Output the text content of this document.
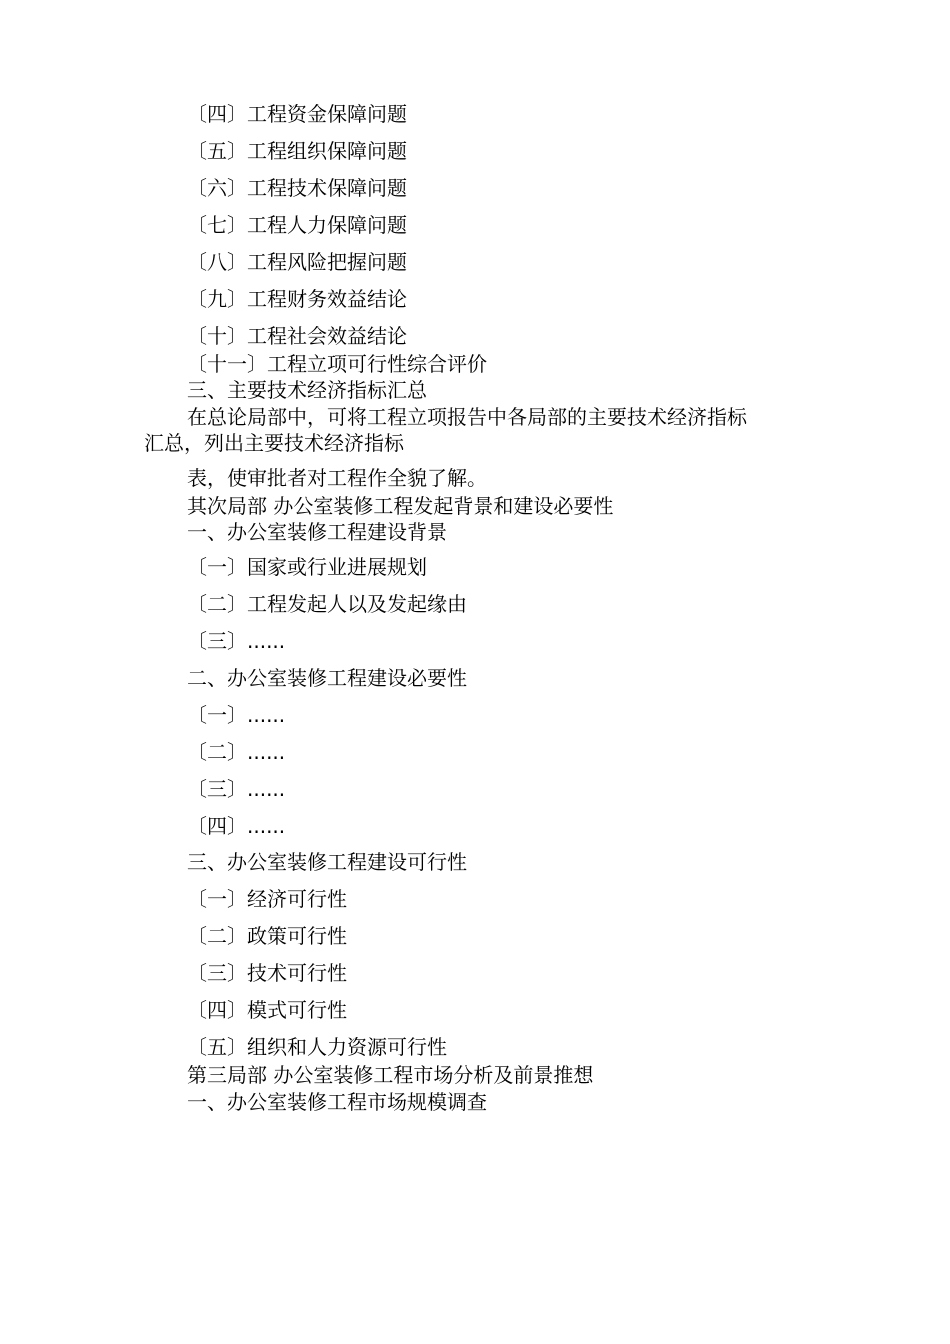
〔四〕工程资金保障问题
〔五〕工程组织保障问题
〔六〕工程技术保障问题
〔七〕工程人力保障问题
〔八〕工程风险把握问题
〔九〕工程财务效益结论
〔十〕工程社会效益结论
〔十一〕工程立项可行性综合评价
三、主要技术经济指标汇总
在总论局部中，可将工程立项报告中各局部的主要技术经济指标
汇总，列出主要技术经济指标
表，使审批者对工程作全貌了解。
其次局部 办公室装修工程发起背景和建设必要性
一、办公室装修工程建设背景
〔一〕国家或行业进展规划
〔二〕工程发起人以及发起缘由
〔三〕......
二、办公室装修工程建设必要性
〔一〕......
〔二〕......
〔三〕......
〔四〕......
三、办公室装修工程建设可行性
〔一〕经济可行性
〔二〕政策可行性
〔三〕技术可行性
〔四〕模式可行性
〔五〕组织和人力资源可行性
第三局部 办公室装修工程市场分析及前景推想
一、办公室装修工程市场规模调查
